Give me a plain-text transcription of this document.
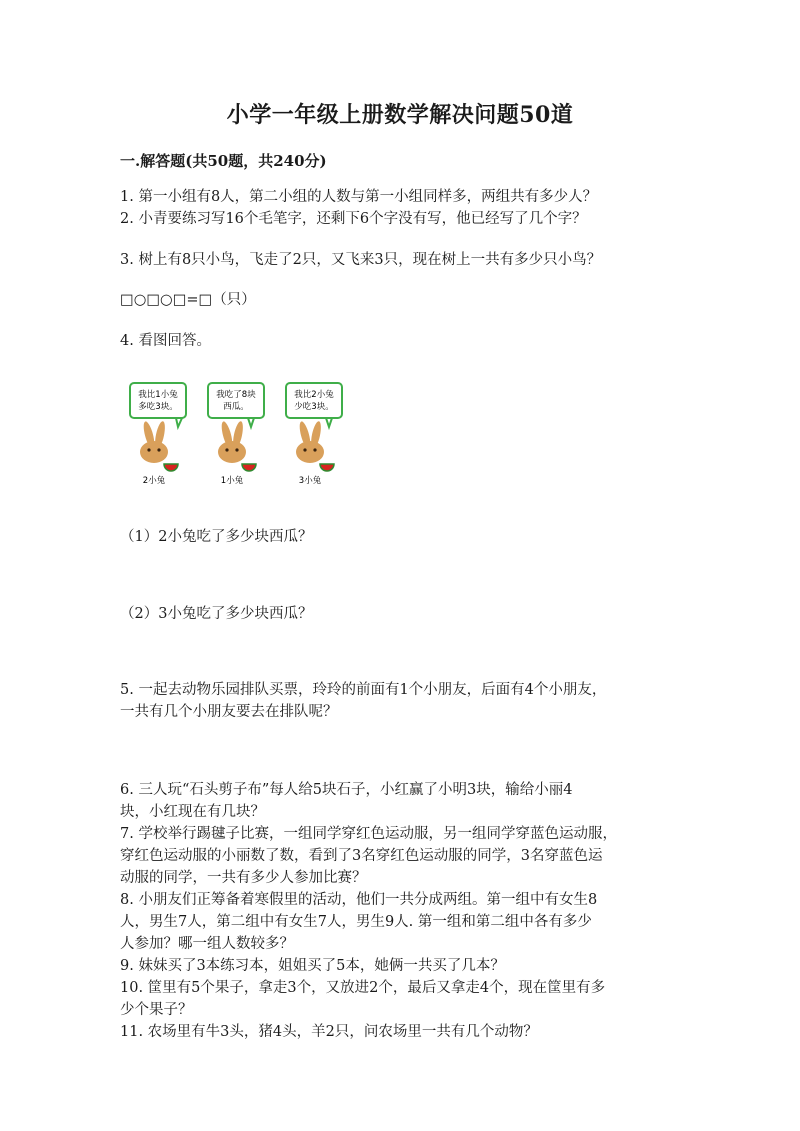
小学一年级上册数学解决问题50道
一.解答题(共50题，共240分)
1. 第一小组有8人，第二小组的人数与第一小组同样多，两组共有多少人？
2. 小青要练习写16个毛笔字，还剩下6个字没有写，他已经写了几个字？
3. 树上有8只小鸟，飞走了2只，又飞来3只，现在树上一共有多少只小鸟？
□○□○□=□（只）
4. 看图回答。
我比1小兔
多吃3块。
2小兔
我吃了8块
西瓜。
1小兔
我比2小兔
少吃3块。
3小兔
（1）2小兔吃了多少块西瓜？
（2）3小兔吃了多少块西瓜？
5. 一起去动物乐园排队买票，玲玲的前面有1个小朋友，后面有4个小朋友，
一共有几个小朋友要去在排队呢？
6. 三人玩“石头剪子布”每人给5块石子，小红赢了小明3块，输给小丽4
块，小红现在有几块？
7. 学校举行踢毽子比赛，一组同学穿红色运动服，另一组同学穿蓝色运动服，
穿红色运动服的小丽数了数，看到了3名穿红色运动服的同学，3名穿蓝色运
动服的同学，一共有多少人参加比赛？
8. 小朋友们正筹备着寒假里的活动，他们一共分成两组。第一组中有女生8
人，男生7人，第二组中有女生7人，男生9人. 第一组和第二组中各有多少
人参加？哪一组人数较多？
9. 妹妹买了3本练习本，姐姐买了5本，她俩一共买了几本？
10. 筐里有5个果子，拿走3个，又放进2个，最后又拿走4个，现在筐里有多
少个果子？
11. 农场里有牛3头，猪4头，羊2只，问农场里一共有几个动物？
